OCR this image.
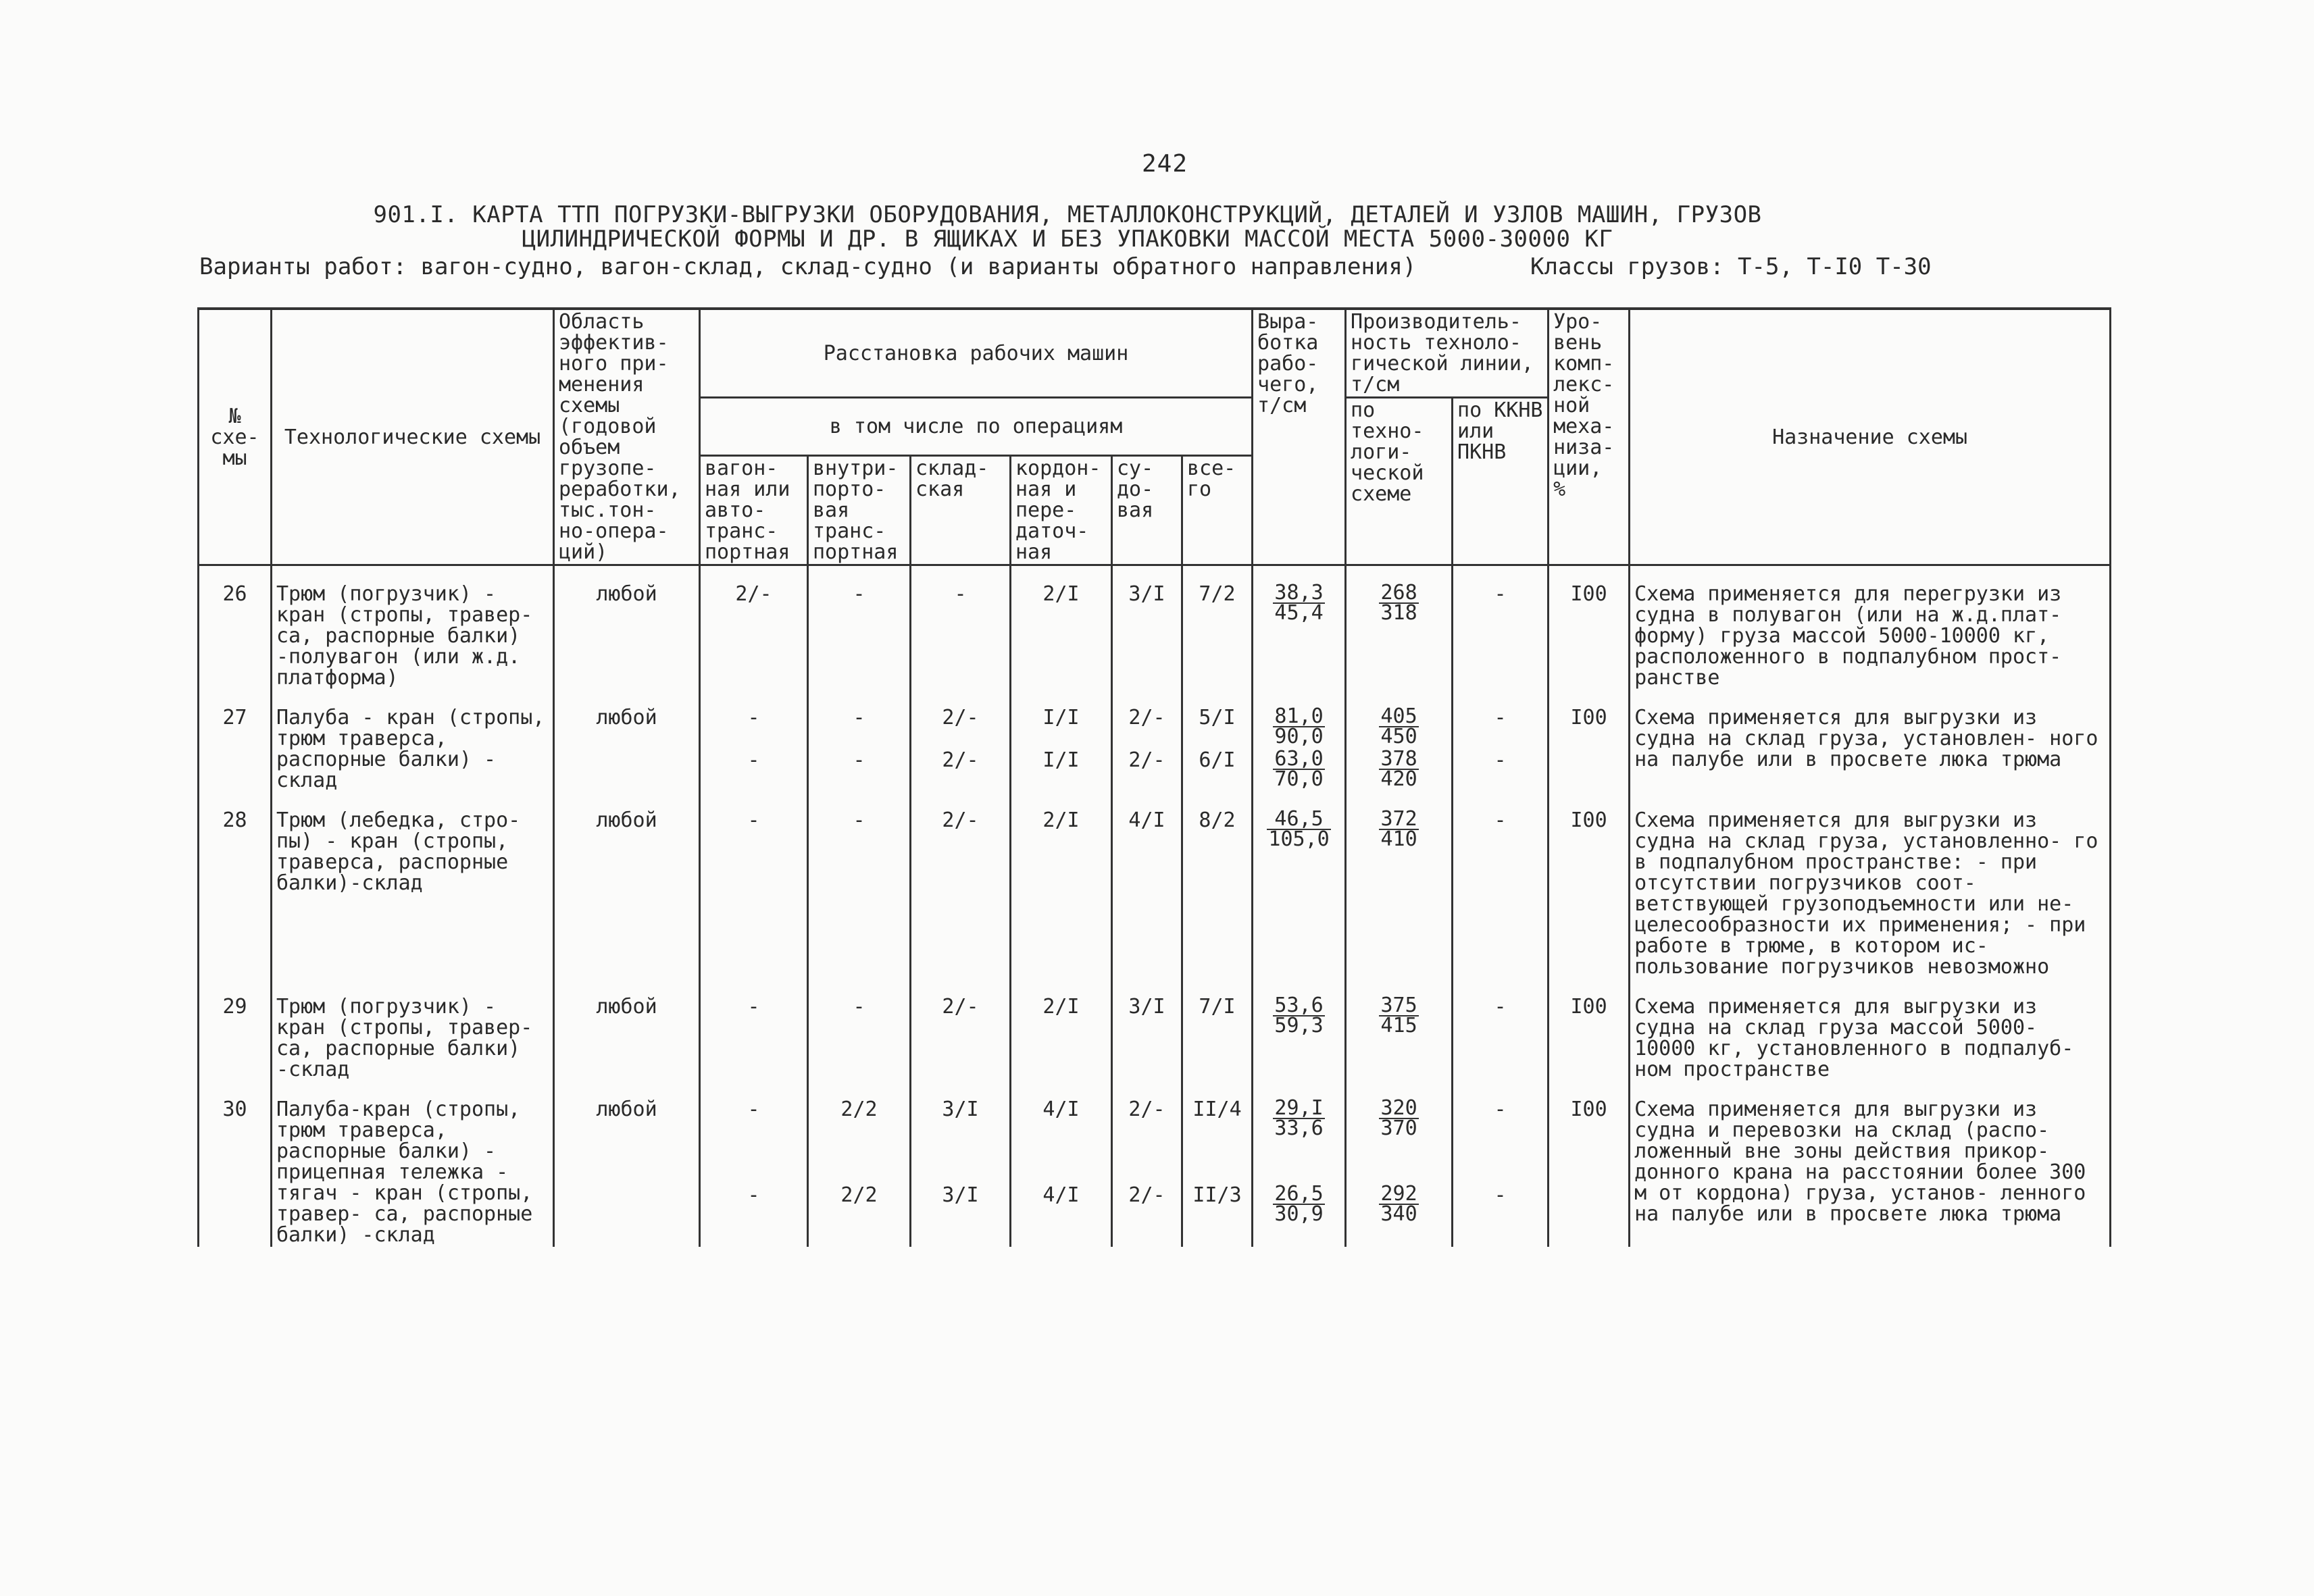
242
901.I. КАРТА ТТП ПОГРУЗКИ-ВЫГРУЗКИ ОБОРУДОВАНИЯ, МЕТАЛЛОКОНСТРУКЦИЙ, ДЕТАЛЕЙ И УЗЛОВ МАШИН, ГРУЗОВ
ЦИЛИНДРИЧЕСКОЙ ФОРМЫ И ДР. В ЯЩИКАХ И БЕЗ УПАКОВКИ МАССОЙ МЕСТА 5000-30000 КГ
Варианты работ: вагон-судно, вагон-склад, склад-судно (и варианты обратного направления)	Классы грузов: Т-5, Т-I0 Т-30
№ схе- мы	Технологические схемы	Область эффектив- ного при- менения схемы (годовой объем грузопе- реработки, тыс.тон- но-опера- ций)	Расстановка рабочих машин						Выра- ботка рабо- чего, т/см	Производитель- ность техноло- гической линии, т/см		Уро- вень комп- лекс- ной меха- низа- ции, %	Назначение схемы
			в том числе по операциям							по техно- логи- ческой схеме	по ККНВ или ПКНВ		
			вагон- ная или авто- транс- портная	внутри- порто- вая транс- портная	склад- ская	кордон- ная и пере- даточ- ная	су- до- вая	все- го					
26	Трюм (погрузчик) - кран (стропы, травер- са, распорные балки) -полувагон (или ж.д. платформа)	любой	2/-	-	-	2/I	3/I	7/2	$\frac{38,3}{45,4}$	$\frac{268}{318}$	-	I00	Схема применяется для перегрузки из судна в полувагон (или на ж.д.плат- форму) груза массой 5000-10000 кг, расположенного в подпалубном прост- ранстве
27	Палуба - кран (стропы, трюм траверса, распорные балки) - склад	любой	-	-	2/-	I/I	2/-	5/I	$\frac{81,0}{90,0}$	$\frac{405}{450}$	-	I00	Схема применяется для выгрузки из судна на склад груза, установлен- ного на палубе или в просвете люка трюма
			-	-	2/-	I/I	2/-	6/I	$\frac{63,0}{70,0}$	$\frac{378}{420}$	-		
28	Трюм (лебедка, стро- пы) - кран (стропы, траверса, распорные балки)-склад	любой	-	-	2/-	2/I	4/I	8/2	$\frac{46,5}{105,0}$	$\frac{372}{410}$	-	I00	Схема применяется для выгрузки из судна на склад груза, установленно- го в подпалубном пространстве: - при отсутствии погрузчиков соот- ветствующей грузоподъемности или не- целесообразности их применения; - при работе в трюме, в котором ис- пользование погрузчиков невозможно
29	Трюм (погрузчик) - кран (стропы, травер- са, распорные балки) -склад	любой	-	-	2/-	2/I	3/I	7/I	$\frac{53,6}{59,3}$	$\frac{375}{415}$	-	I00	Схема применяется для выгрузки из судна на склад груза массой 5000- 10000 кг, установленного в подпалуб- ном пространстве
30	Палуба-кран (стропы, трюм траверса, распорные балки) - прицепная тележка - тягач - кран (стропы, травер- са, распорные балки) -склад	любой	-	2/2	3/I	4/I	2/-	II/4	$\frac{29,I}{33,6}$	$\frac{320}{370}$	-	I00	Схема применяется для выгрузки из судна и перевозки на склад (распо- ложенный вне зоны действия прикор- донного крана на расстоянии более 300 м от кордона) груза, установ- ленного на палубе или в просвете люка трюма
			-	2/2	3/I	4/I	2/-	II/3	$\frac{26,5}{30,9}$	$\frac{292}{340}$	-		
